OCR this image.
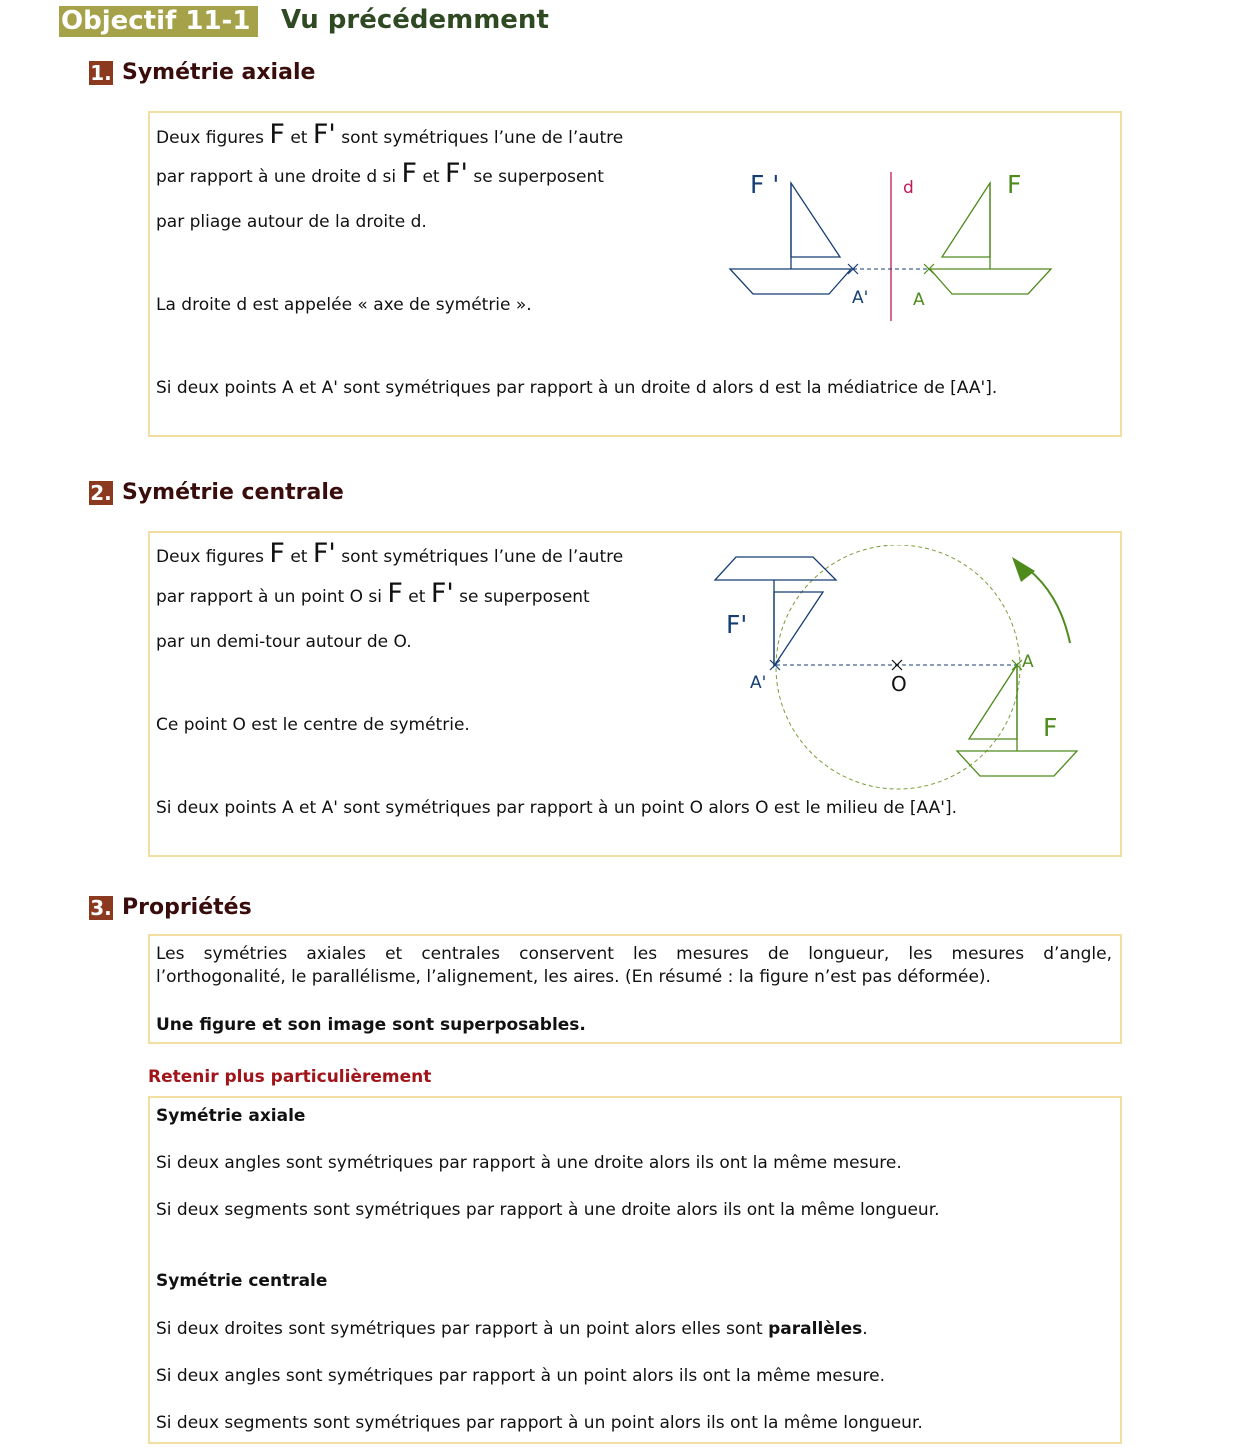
Objectif 11-1	Vu précédemment
1. Symétrie axiale
Deux figures F et F' sont symétriques l’une de l’autre
par rapport à une droite d si F et F' se superposent
par pliage autour de la droite d.
La droite d est appelée « axe de symétrie ».
Si deux points A et A' sont symétriques par rapport à un droite d alors d est la médiatrice de [AA'].
F '	d	F
A'	A
2. Symétrie centrale
Deux figures F et F' sont symétriques l’une de l’autre
par rapport à un point O si F et F' se superposent
par un demi-tour autour de O.
Ce point O est le centre de symétrie.
Si deux points A et A' sont symétriques par rapport à un point O alors O est le milieu de [AA'].
F'
A'	O
A
F
3. Propriétés
Les symétries axiales et centrales conservent les mesures de longueur, les mesures d’angle,
l’orthogonalité, le parallélisme, l’alignement, les aires. (En résumé : la figure n’est pas déformée).
Une figure et son image sont superposables.
Retenir plus particulièrement
Symétrie axiale
Si deux angles sont symétriques par rapport à une droite alors ils ont la même mesure.
Si deux segments sont symétriques par rapport à une droite alors ils ont la même longueur.
Symétrie centrale
Si deux droites sont symétriques par rapport à un point alors elles sont parallèles.
Si deux angles sont symétriques par rapport à un point alors ils ont la même mesure.
Si deux segments sont symétriques par rapport à un point alors ils ont la même longueur.
